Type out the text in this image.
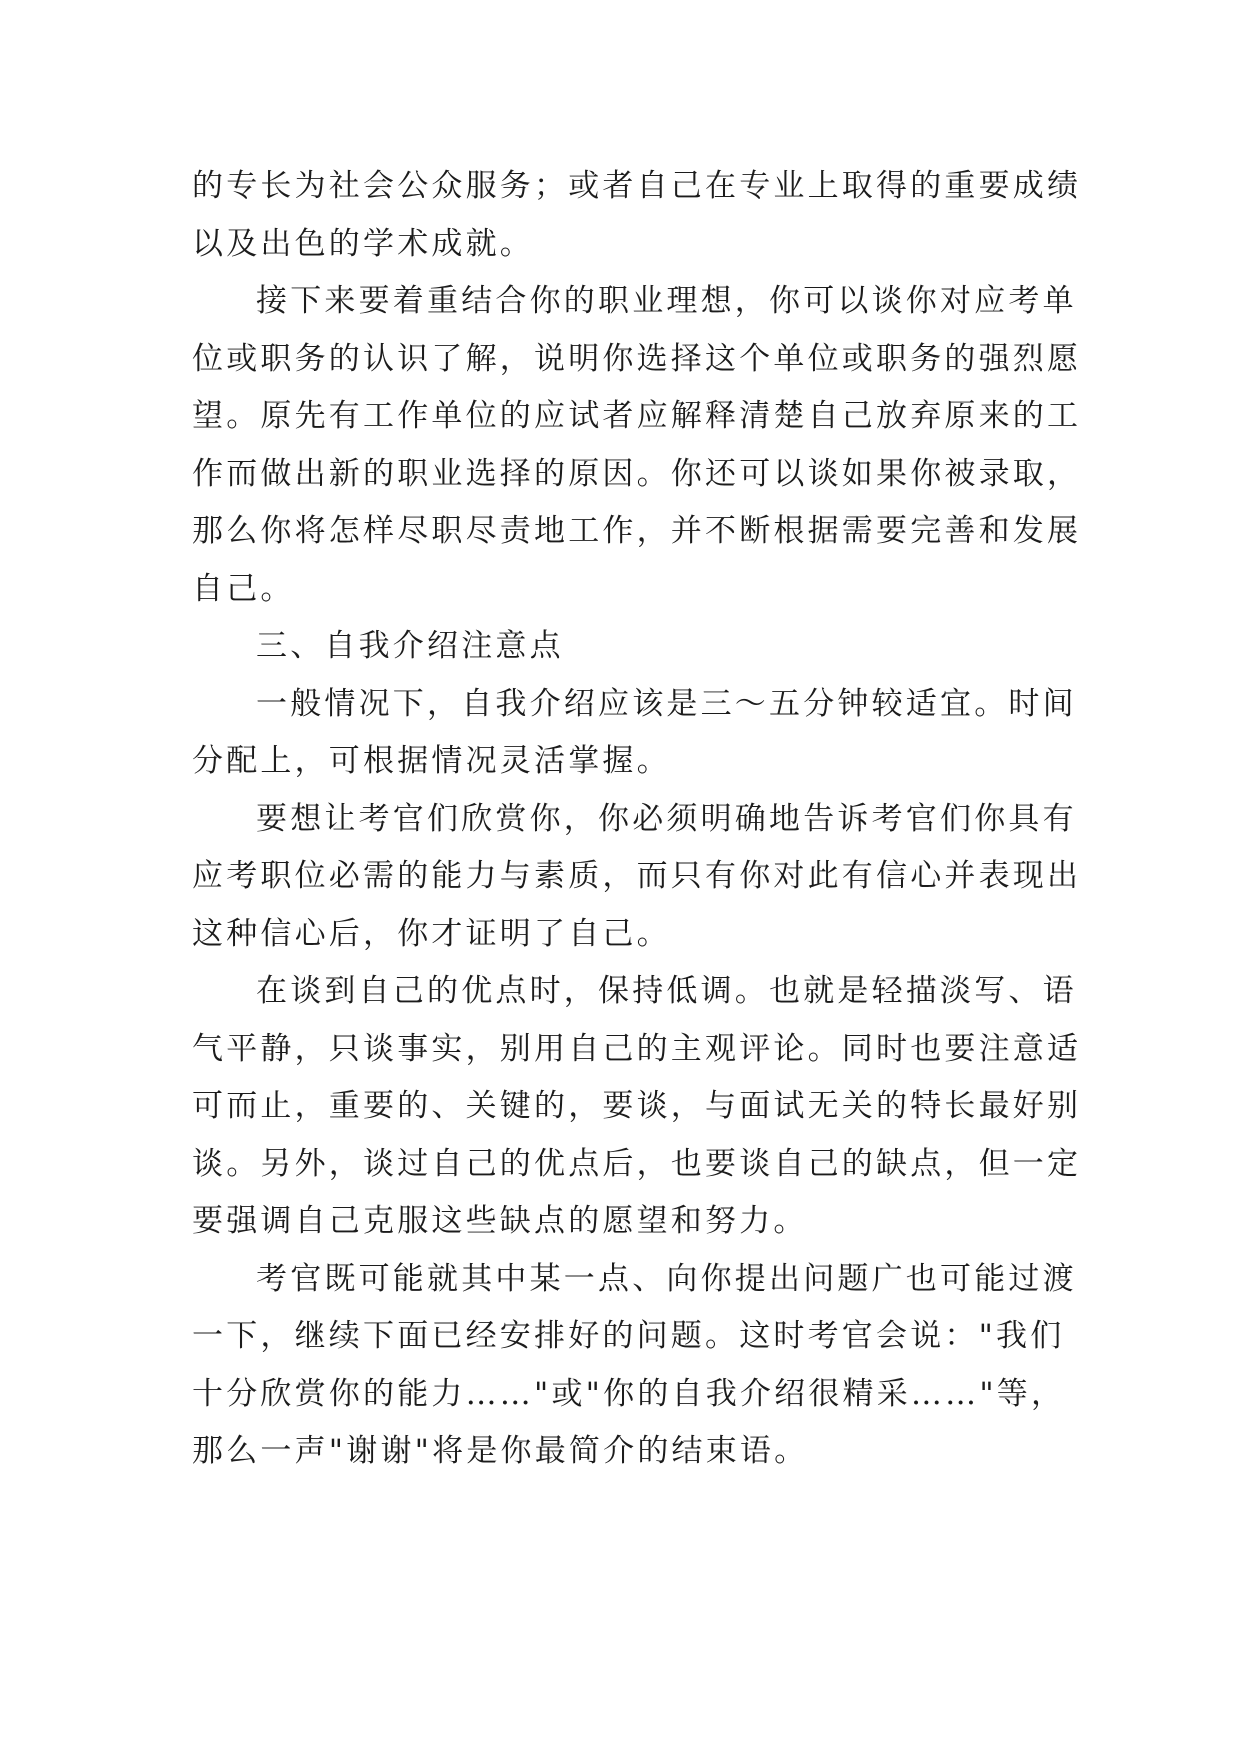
的专长为社会公众服务；或者自己在专业上取得的重要成绩
以及出色的学术成就。
接下来要着重结合你的职业理想，你可以谈你对应考单
位或职务的认识了解，说明你选择这个单位或职务的强烈愿
望。原先有工作单位的应试者应解释清楚自己放弃原来的工
作而做出新的职业选择的原因。你还可以谈如果你被录取，
那么你将怎样尽职尽责地工作，并不断根据需要完善和发展
自己。
三、自我介绍注意点
一般情况下，自我介绍应该是三～五分钟较适宜。时间
分配上，可根据情况灵活掌握。
要想让考官们欣赏你，你必须明确地告诉考官们你具有
应考职位必需的能力与素质，而只有你对此有信心并表现出
这种信心后，你才证明了自己。
在谈到自己的优点时，保持低调。也就是轻描淡写、语
气平静，只谈事实，别用自己的主观评论。同时也要注意适
可而止，重要的、关键的，要谈，与面试无关的特长最好别
谈。另外，谈过自己的优点后，也要谈自己的缺点，但一定
要强调自己克服这些缺点的愿望和努力。
考官既可能就其中某一点、向你提出问题广也可能过渡
一下，继续下面已经安排好的问题。这时考官会说："我们
十分欣赏你的能力……"或"你的自我介绍很精采……"等，
那么一声"谢谢"将是你最简介的结束语。
